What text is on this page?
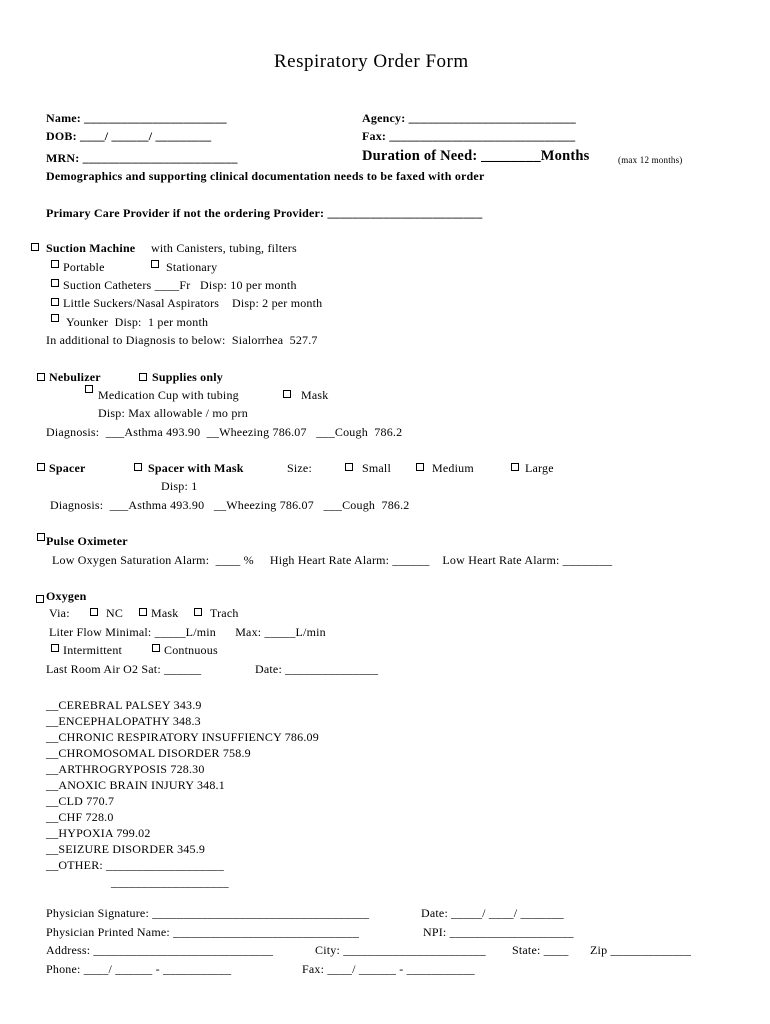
Respiratory Order Form
Name: _______________________	Agency: ___________________________
DOB: ____/ ______/ _________	Fax: ______________________________
MRN: _________________________	Duration of Need: ________Months	(max 12 months)
Demographics and supporting clinical documentation needs to be faxed with order
Primary Care Provider if not the ordering Provider: _________________________
Suction Machine with Canisters, tubing, filters
Portable	Stationary
Suction Catheters ____Fr   Disp: 10 per month
Little Suckers/Nasal Aspirators    Disp: 2 per month
Younker  Disp:  1 per month
In additional to Diagnosis to below:  Sialorrhea  527.7
Nebulizer	Supplies only
Medication Cup with tubing	Mask
Disp: Max allowable / mo prn
Diagnosis:  ___Asthma 493.90  __Wheezing 786.07   ___Cough  786.2
Spacer	Spacer with Mask	Size:	Small	Medium	Large
Disp: 1
Diagnosis:  ___Asthma 493.90   __Wheezing 786.07   ___Cough  786.2
Pulse Oximeter
Low Oxygen Saturation Alarm:  ____ %     High Heart Rate Alarm: ______    Low Heart Rate Alarm: ________
Oxygen
Via:	NC Mask	Trach
Liter Flow Minimal: _____L/min      Max: _____L/min
Intermittent	Contnuous
Last Room Air O2 Sat: ______	Date: _______________
__CEREBRAL PALSEY 343.9
__ENCEPHALOPATHY 348.3
__CHRONIC RESPIRATORY INSUFFIENCY 786.09
__CHROMOSOMAL DISORDER 758.9
__ARTHROGRYPOSIS 728.30
__ANOXIC BRAIN INJURY 348.1
__CLD 770.7
__CHF 728.0
__HYPOXIA 799.02
__SEIZURE DISORDER 345.9
__OTHER: ___________________
___________________
Physician Signature: ___________________________________	Date: _____/ ____/ _______
Physician Printed Name: ______________________________	NPI: ____________________
Address: _____________________________	City: _______________________ State: ____ Zip _____________
Phone: ____/ ______ - ___________	Fax: ____/ ______ - ___________
